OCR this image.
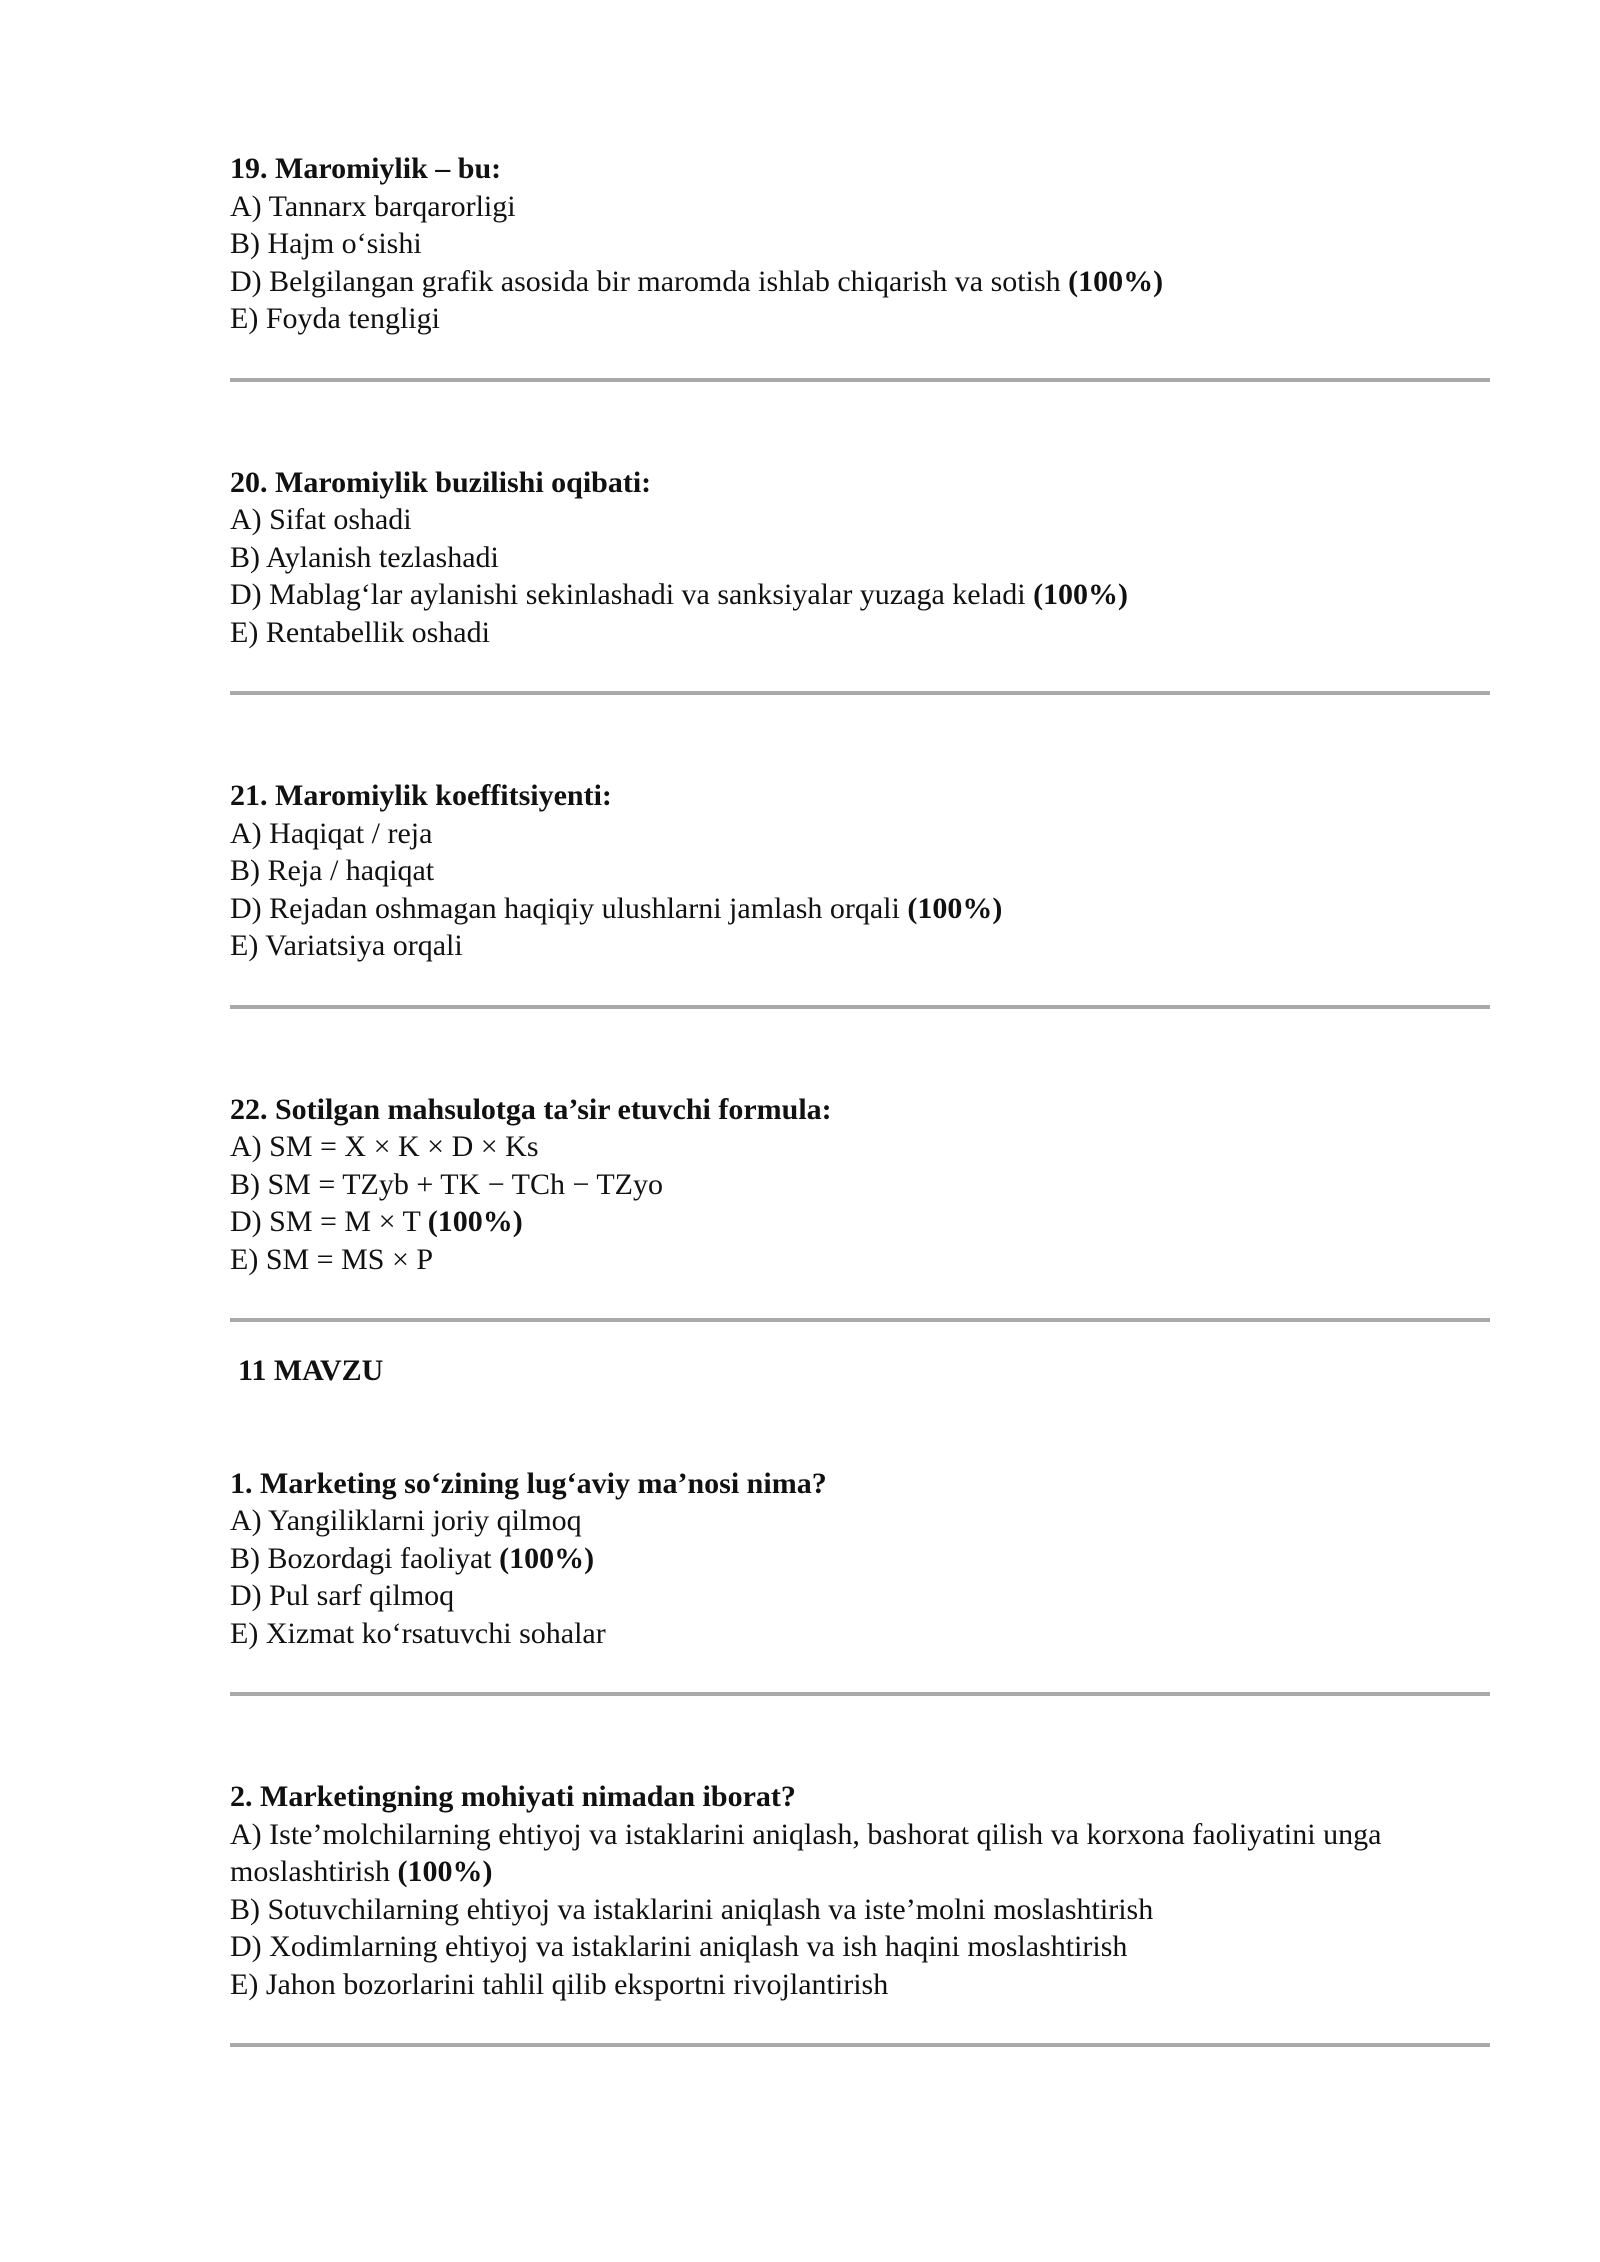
19. Maromiylik – bu:

A) Tannarx barqarorligi

B) Hajm o‘sishi

D) Belgilangan grafik asosida bir maromda ishlab chiqarish va sotish (100%)

E) Foyda tengligi

20. Maromiylik buzilishi oqibati:

A) Sifat oshadi

B) Aylanish tezlashadi

D) Mablag‘lar aylanishi sekinlashadi va sanksiyalar yuzaga keladi (100%)

E) Rentabellik oshadi

21. Maromiylik koeffitsiyenti:

A) Haqiqat / reja

B) Reja / haqiqat

D) Rejadan oshmagan haqiqiy ulushlarni jamlash orqali (100%)

E) Variatsiya orqali

22. Sotilgan mahsulotga ta’sir etuvchi formula:

A) SM = X × K × D × Ks

B) SM = TZyb + TK − TCh − TZyo

D) SM = M × T (100%)

E) SM = MS × P

11 MAVZU

1. Marketing so‘zining lug‘aviy ma’nosi nima?

A) Yangiliklarni joriy qilmoq

B) Bozordagi faoliyat (100%)

D) Pul sarf qilmoq

E) Xizmat ko‘rsatuvchi sohalar

2. Marketingning mohiyati nimadan iborat?

A) Iste’molchilarning ehtiyoj va istaklarini aniqlash, bashorat qilish va korxona faoliyatini unga moslashtirish (100%)

B) Sotuvchilarning ehtiyoj va istaklarini aniqlash va iste’molni moslashtirish

D) Xodimlarning ehtiyoj va istaklarini aniqlash va ish haqini moslashtirish

E) Jahon bozorlarini tahlil qilib eksportni rivojlantirish
